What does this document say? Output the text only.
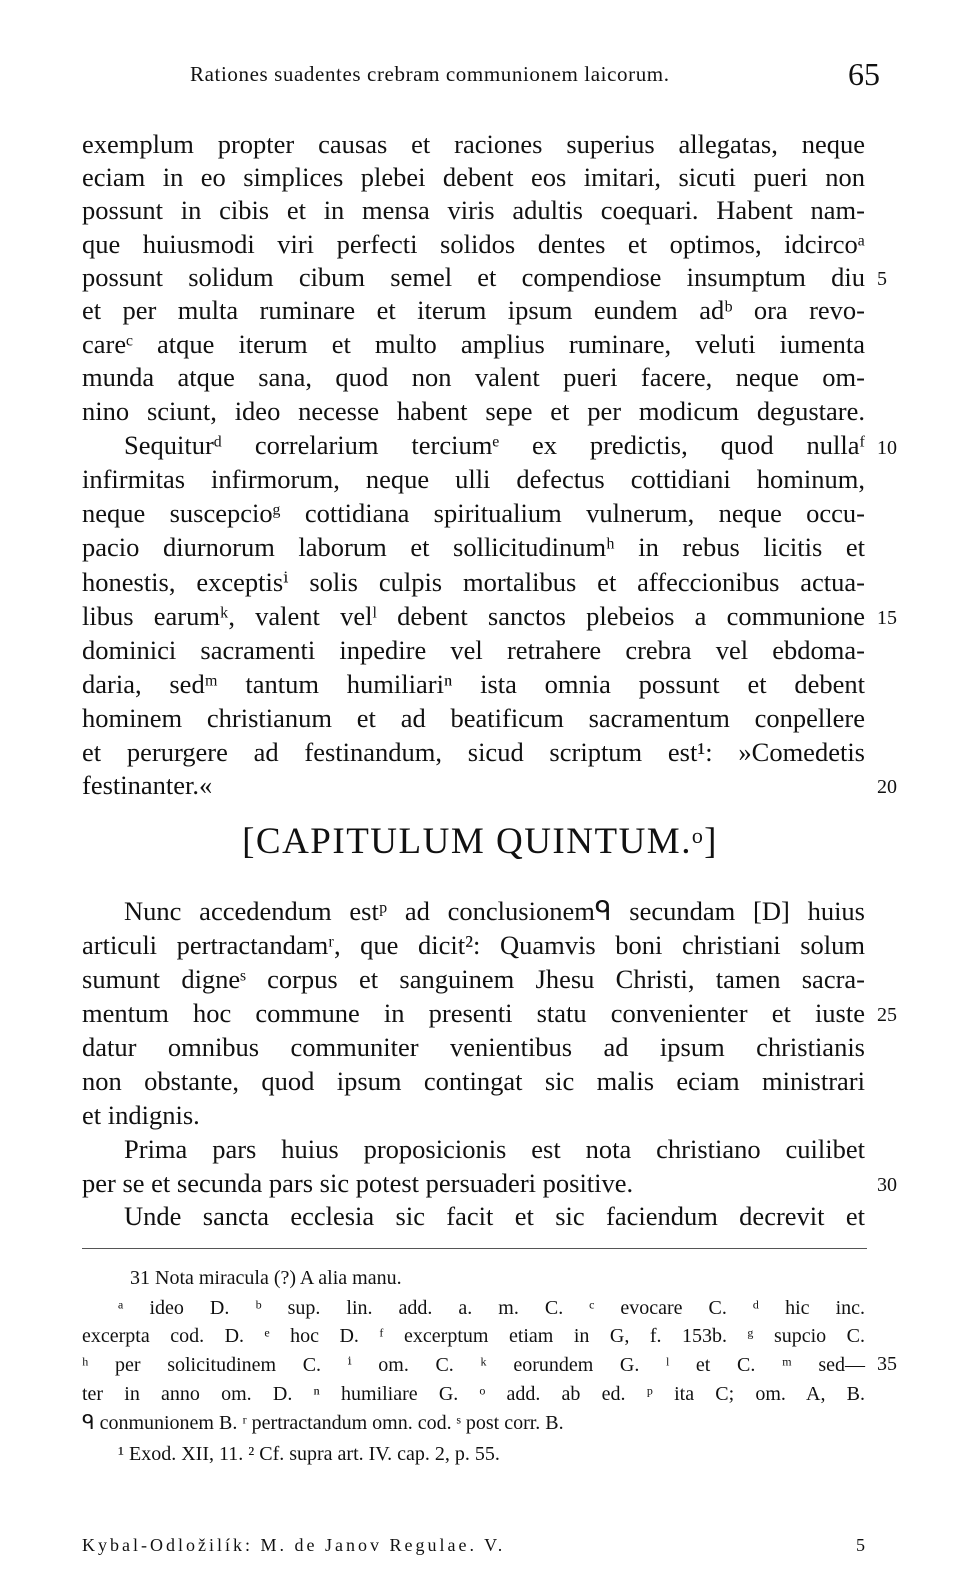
Rationes suadentes crebram communionem laicorum.	65
exemplum propter causas et raciones superius allegatas, neque
eciam in eo simplices plebei debent eos imitari, sicuti pueri non
possunt in cibis et in mensa viris adultis coequari. Habent nam‐
que huiusmodi viri perfecti solidos dentes et optimos, idcircoᵃ
possunt solidum cibum semel et compendiose insumptum diu
et per multa ruminare et iterum ipsum eundem adᵇ ora revo‐
careᶜ atque iterum et multo amplius ruminare, veluti iumenta
munda atque sana, quod non valent pueri facere, neque om‐
nino sciunt, ideo necesse habent sepe et per modicum degustare.
Sequiturᵈ correlarium terciumᵉ ex predictis, quod nullaᶠ
infirmitas infirmorum, neque ulli defectus cottidiani hominum,
neque suscepcioᵍ cottidiana spiritualium vulnerum, neque occu‐
pacio diurnorum laborum et sollicitudinumʰ in rebus licitis et
honestis, exceptisⁱ solis culpis mortalibus et affeccionibus actua‐
libus earumᵏ, valent velˡ debent sanctos plebeios a communione
dominici sacramenti inpedire vel retrahere crebra vel ebdoma‐
daria, sedᵐ tantum humiliariⁿ ista omnia possunt et debent
hominem christianum et ad beatificum sacramentum conpellere
et perurgere ad festinandum, sicud scriptum est¹: »Comedetis
festinanter.«
[CAPITULUM QUINTUM.ᵒ]
Nunc accedendum estᵖ ad conclusionemᑫ secundam [D] huius
articuli pertractandamʳ, que dicit²: Quamvis boni christiani solum
sumunt digneˢ corpus et sanguinem Jhesu Christi, tamen sacra‐
mentum hoc commune in presenti statu convenienter et iuste
datur omnibus communiter venientibus ad ipsum christianis
non obstante, quod ipsum contingat sic malis eciam ministrari
et indignis.
Prima pars huius proposicionis est nota christiano cuilibet
per se et secunda pars sic potest persuaderi positive.
Unde sancta ecclesia sic facit et sic faciendum decrevit et
5
10
15
20
25
30
31 Nota miracula (?) A alia manu.
ᵃ ideo D. ᵇ sup. lin. add. a. m. C. ᶜ evocare C. ᵈ hic inc.
excerpta cod. D. ᵉ hoc D. ᶠ excerptum etiam in G, f. 153b. ᵍ supcio C.
ʰ per solicitudinem C. ⁱ om. C. ᵏ eorundem G. ˡ et C. ᵐ sed—
ter in anno om. D. ⁿ humiliare G. ᵒ add. ab ed. ᵖ ita C; om. A, B.
ᑫ conmunionem B. ʳ pertractandum omn. cod. ˢ post corr. B.
¹ Exod. XII, 11. ² Cf. supra art. IV. cap. 2, p. 55.
35
Kybal-Odložilík: M. de Janov Regulae. V.	5
